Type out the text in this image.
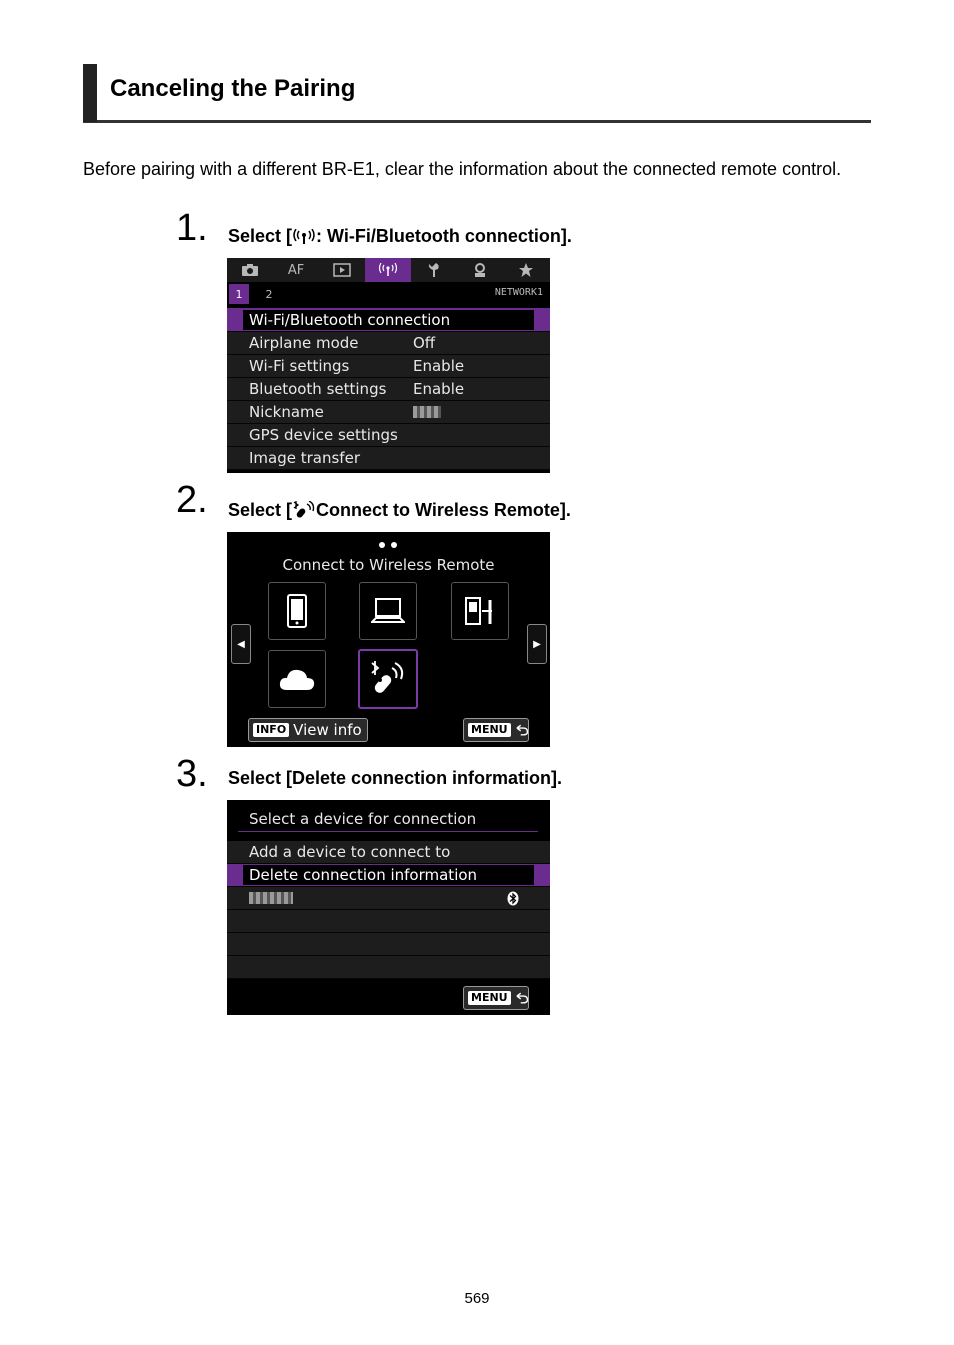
Canceling the Pairing
Before pairing with a different BR-E1, clear the information about the connected remote control.
1. Select [ : Wi-Fi/Bluetooth connection].
AF
1	2	NETWORK1
Wi-Fi/Bluetooth connection
Airplane mode	Off
Wi-Fi settings	Enable
Bluetooth settings Enable
Nickname
GPS device settings
Image transfer
2. Select [ Connect to Wireless Remote].
Connect to Wireless Remote
◀	▶
INFO View info	MENU
3. Select [Delete connection information].
Select a device for connection
Add a device to connect to
Delete connection information
MENU
569
